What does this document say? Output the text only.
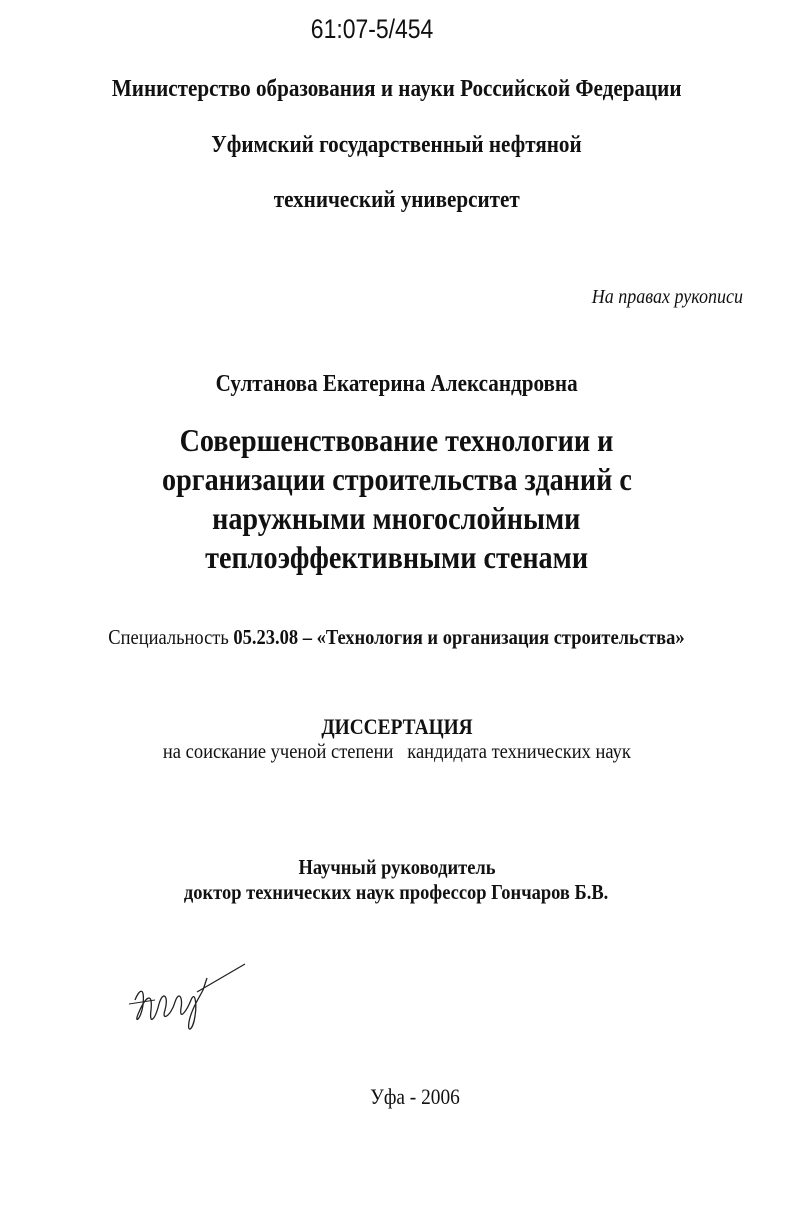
61:07-5/454
Министерство образования и науки Российской Федерации
Уфимский государственный нефтяной
технический университет
На правах рукописи
Султанова Екатерина Александровна
Совершенствование технологии и
организации строительства зданий с
наружными многослойными
теплоэффективными стенами
Специальность 05.23.08 – «Технология и организация строительства»
ДИССЕРТАЦИЯ
на соискание ученой степени   кандидата технических наук
Научный руководитель
доктор технических наук профессор Гончаров Б.В.
Уфа - 2006
